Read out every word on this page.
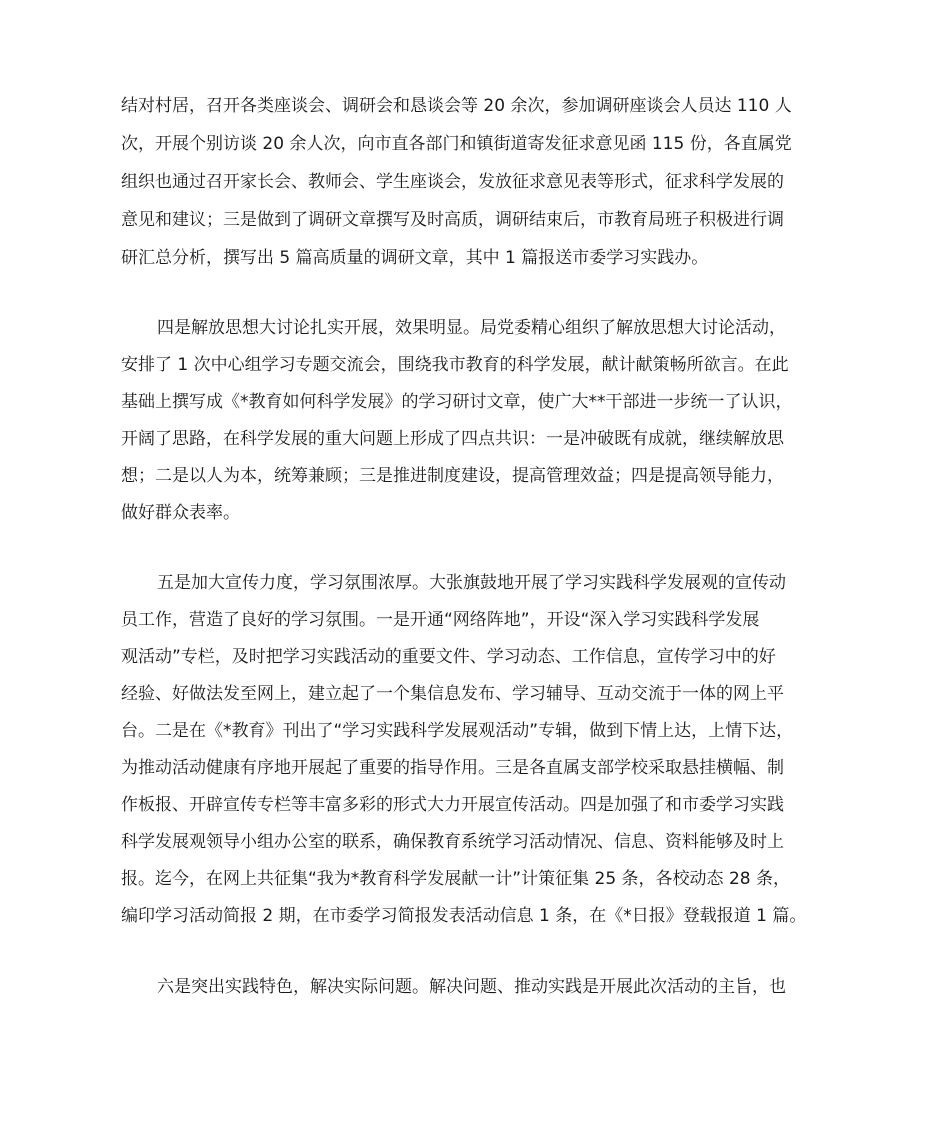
结对村居，召开各类座谈会、调研会和恳谈会等 20 余次，参加调研座谈会人员达 110 人
次，开展个别访谈 20 余人次，向市直各部门和镇街道寄发征求意见函 115 份，各直属党
组织也通过召开家长会、教师会、学生座谈会，发放征求意见表等形式，征求科学发展的
意见和建议；三是做到了调研文章撰写及时高质，调研结束后，市教育局班子积极进行调
研汇总分析，撰写出 5 篇高质量的调研文章，其中 1 篇报送市委学习实践办。
四是解放思想大讨论扎实开展，效果明显。局党委精心组织了解放思想大讨论活动，
安排了 1 次中心组学习专题交流会，围绕我市教育的科学发展，献计献策畅所欲言。在此
基础上撰写成《*教育如何科学发展》的学习研讨文章，使广大**干部进一步统一了认识，
开阔了思路，在科学发展的重大问题上形成了四点共识：一是冲破既有成就，继续解放思
想；二是以人为本，统筹兼顾；三是推进制度建设，提高管理效益；四是提高领导能力，
做好群众表率。
五是加大宣传力度，学习氛围浓厚。大张旗鼓地开展了学习实践科学发展观的宣传动
员工作，营造了良好的学习氛围。一是开通“网络阵地”，开设“深入学习实践科学发展
观活动”专栏，及时把学习实践活动的重要文件、学习动态、工作信息，宣传学习中的好
经验、好做法发至网上，建立起了一个集信息发布、学习辅导、互动交流于一体的网上平
台。二是在《*教育》刊出了“学习实践科学发展观活动”专辑，做到下情上达，上情下达，
为推动活动健康有序地开展起了重要的指导作用。三是各直属支部学校采取悬挂横幅、制
作板报、开辟宣传专栏等丰富多彩的形式大力开展宣传活动。四是加强了和市委学习实践
科学发展观领导小组办公室的联系，确保教育系统学习活动情况、信息、资料能够及时上
报。迄今，在网上共征集“我为*教育科学发展献一计”计策征集 25 条，各校动态 28 条，
编印学习活动简报 2 期，在市委学习简报发表活动信息 1 条，在《*日报》登载报道 1 篇。
六是突出实践特色，解决实际问题。解决问题、推动实践是开展此次活动的主旨，也
